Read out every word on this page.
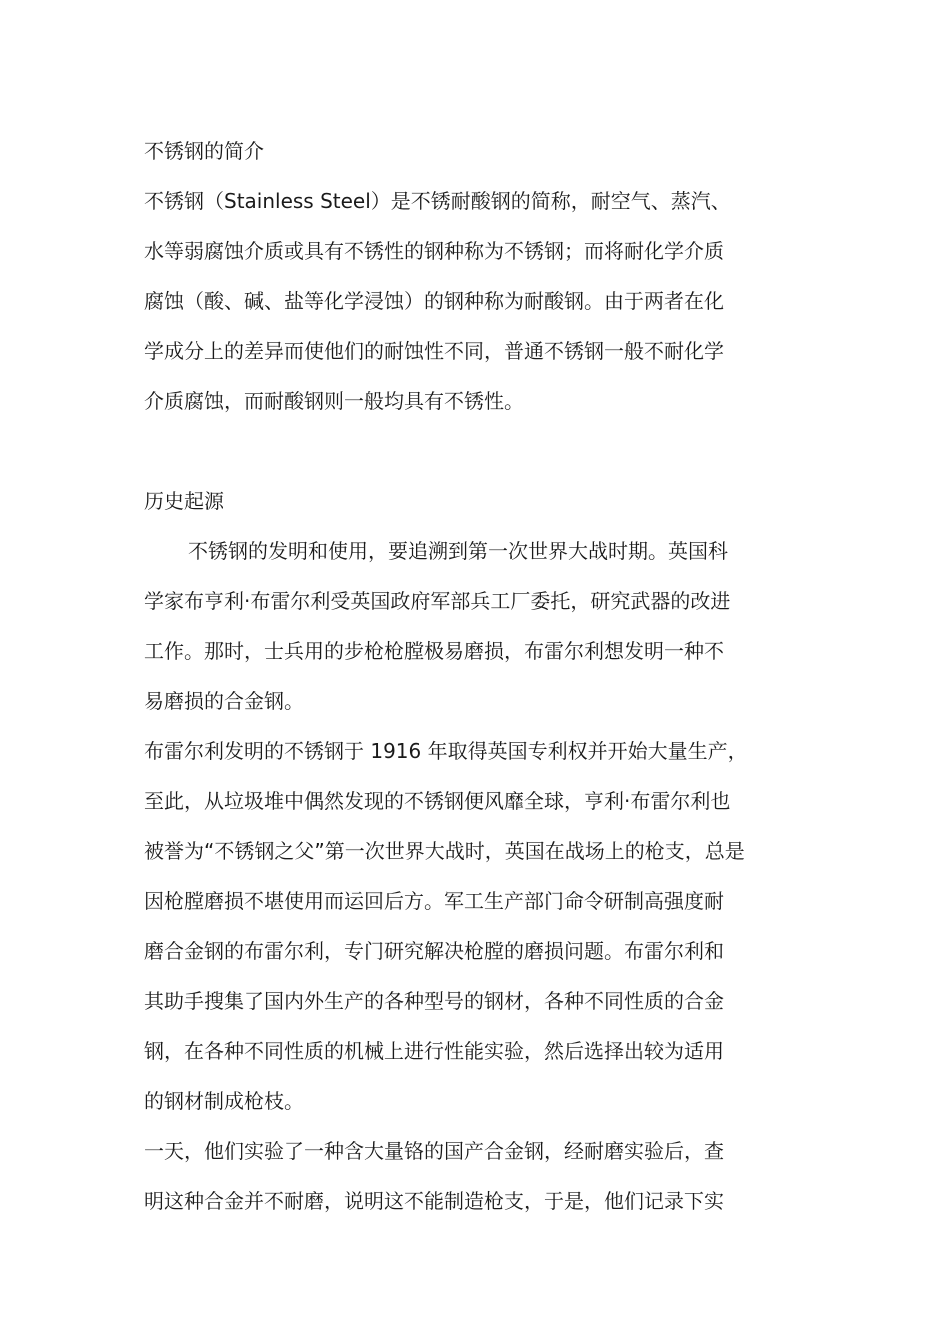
不锈钢的简介
不锈钢（Stainless Steel）是不锈耐酸钢的简称，耐空气、蒸汽、
水等弱腐蚀介质或具有不锈性的钢种称为不锈钢；而将耐化学介质
腐蚀（酸、碱、盐等化学浸蚀）的钢种称为耐酸钢。由于两者在化
学成分上的差异而使他们的耐蚀性不同，普通不锈钢一般不耐化学
介质腐蚀，而耐酸钢则一般均具有不锈性。
历史起源
不锈钢的发明和使用，要追溯到第一次世界大战时期。英国科
学家布亨利·布雷尔利受英国政府军部兵工厂委托，研究武器的改进
工作。那时，士兵用的步枪枪膛极易磨损，布雷尔利想发明一种不
易磨损的合金钢。
布雷尔利发明的不锈钢于 1916 年取得英国专利权并开始大量生产，
至此，从垃圾堆中偶然发现的不锈钢便风靡全球，亨利·布雷尔利也
被誉为“不锈钢之父”第一次世界大战时，英国在战场上的枪支，总是
因枪膛磨损不堪使用而运回后方。军工生产部门命令研制高强度耐
磨合金钢的布雷尔利，专门研究解决枪膛的磨损问题。布雷尔利和
其助手搜集了国内外生产的各种型号的钢材，各种不同性质的合金
钢，在各种不同性质的机械上进行性能实验，然后选择出较为适用
的钢材制成枪枝。
一天，他们实验了一种含大量铬的国产合金钢，经耐磨实验后，查
明这种合金并不耐磨，说明这不能制造枪支，于是，他们记录下实
